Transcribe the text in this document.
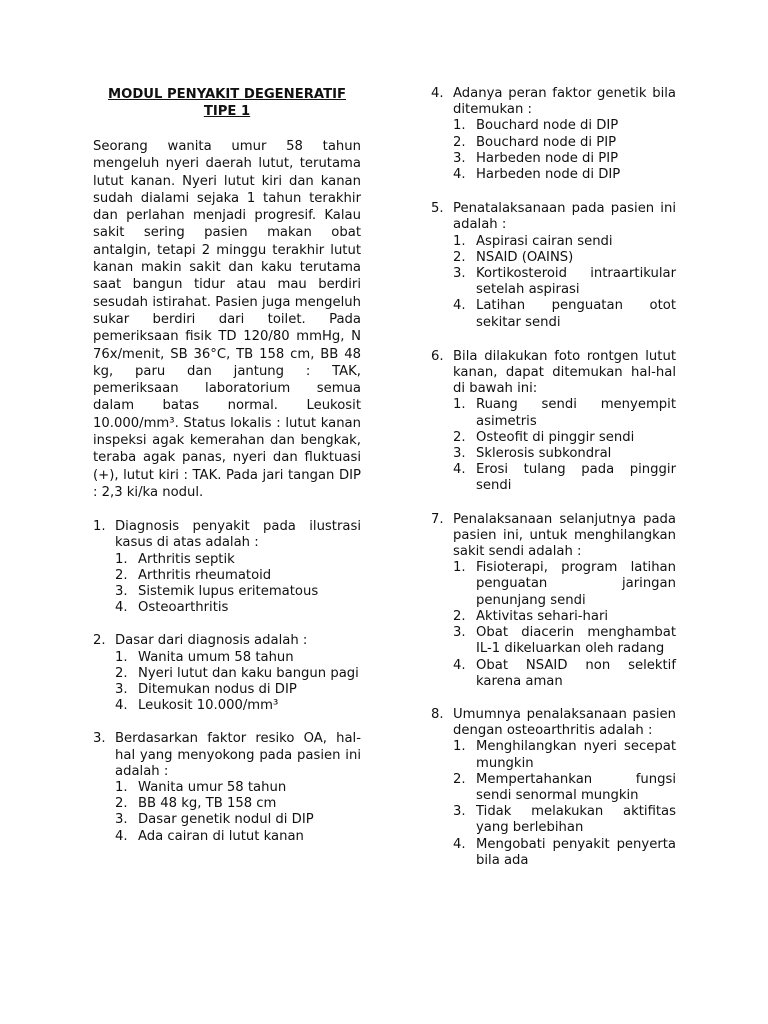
MODUL PENYAKIT DEGENERATIF TIPE 1
Seorang wanita umur 58 tahun mengeluh nyeri daerah lutut, terutama lutut kanan. Nyeri lutut kiri dan kanan sudah dialami sejaka 1 tahun terakhir dan perlahan menjadi progresif. Kalau sakit sering pasien makan obat antalgin, tetapi 2 minggu terakhir lutut kanan makin sakit dan kaku terutama saat bangun tidur atau mau berdiri sesudah istirahat. Pasien juga mengeluh sukar berdiri dari toilet. Pada pemeriksaan fisik TD 120/80 mmHg, N 76x/menit, SB 36°C, TB 158 cm, BB 48 kg, paru dan jantung : TAK, pemeriksaan laboratorium semua dalam batas normal. Leukosit 10.000/mm³. Status lokalis : lutut kanan inspeksi agak kemerahan dan bengkak, teraba agak panas, nyeri dan fluktuasi (+), lutut kiri : TAK. Pada jari tangan DIP : 2,3 ki/ka nodul.
1. Diagnosis penyakit pada ilustrasi kasus di atas adalah :
1. Arthritis septik
2. Arthritis rheumatoid
3. Sistemik lupus eritematous
4. Osteoarthritis
2. Dasar dari diagnosis adalah :
1. Wanita umum 58 tahun
2. Nyeri lutut dan kaku bangun pagi
3. Ditemukan nodus di DIP
4. Leukosit 10.000/mm³
3. Berdasarkan faktor resiko OA, hal-hal yang menyokong pada pasien ini adalah :
1. Wanita umur 58 tahun
2. BB 48 kg, TB 158 cm
3. Dasar genetik nodul di DIP
4. Ada cairan di lutut kanan
4. Adanya peran faktor genetik bila ditemukan :
1. Bouchard node di DIP
2. Bouchard node di PIP
3. Harbeden node di PIP
4. Harbeden node di DIP
5. Penatalaksanaan pada pasien ini adalah :
1. Aspirasi cairan sendi
2. NSAID (OAINS)
3. Kortikosteroid intraartikular setelah aspirasi
4. Latihan penguatan otot sekitar sendi
6. Bila dilakukan foto rontgen lutut kanan, dapat ditemukan hal-hal di bawah ini:
1. Ruang sendi menyempit asimetris
2. Osteofit di pinggir sendi
3. Sklerosis subkondral
4. Erosi tulang pada pinggir sendi
7. Penalaksanaan selanjutnya pada pasien ini, untuk menghilangkan sakit sendi adalah :
1. Fisioterapi, program latihan penguatan jaringan penunjang sendi
2. Aktivitas sehari-hari
3. Obat diacerin menghambat IL-1 dikeluarkan oleh radang
4. Obat NSAID non selektif karena aman
8. Umumnya penalaksanaan pasien dengan osteoarthritis adalah :
1. Menghilangkan nyeri secepat mungkin
2. Mempertahankan fungsi sendi senormal mungkin
3. Tidak melakukan aktifitas yang berlebihan
4. Mengobati penyakit penyerta bila ada
